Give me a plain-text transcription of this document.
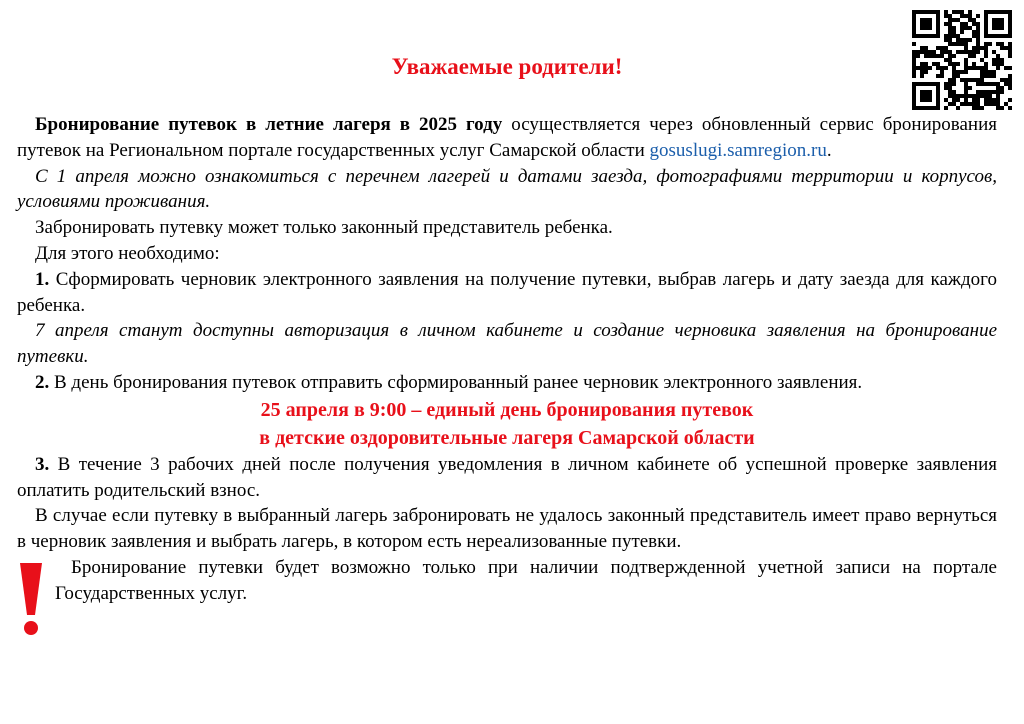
Уважаемые родители!

Бронирование путевок в летние лагеря в 2025 году осуществляется через обновленный сервис бронирования путевок на Региональном портале государственных услуг Самарской области gosuslugi.samregion.ru.

С 1 апреля можно ознакомиться с перечнем лагерей и датами заезда, фотографиями территории и корпусов, условиями проживания.

Забронировать путевку может только законный представитель ребенка.

Для этого необходимо:

1. Сформировать черновик электронного заявления на получение путевки, выбрав лагерь и дату заезда для каждого ребенка.

7 апреля станут доступны авторизация в личном кабинете и создание черновика заявления на бронирование путевки.

2. В день бронирования путевок отправить сформированный ранее черновик электронного заявления.

25 апреля в 9:00 – единый день бронирования путевок

в детские оздоровительные лагеря Самарской области

3. В течение 3 рабочих дней после получения уведомления в личном кабинете об успешной проверке заявления оплатить родительский взнос.

В случае если путевку в выбранный лагерь забронировать не удалось законный представитель имеет право вернуться в черновик заявления и выбрать лагерь, в котором есть нереализованные путевки.

Бронирование путевки будет возможно только при наличии подтвержденной учетной записи на портале Государственных услуг.
